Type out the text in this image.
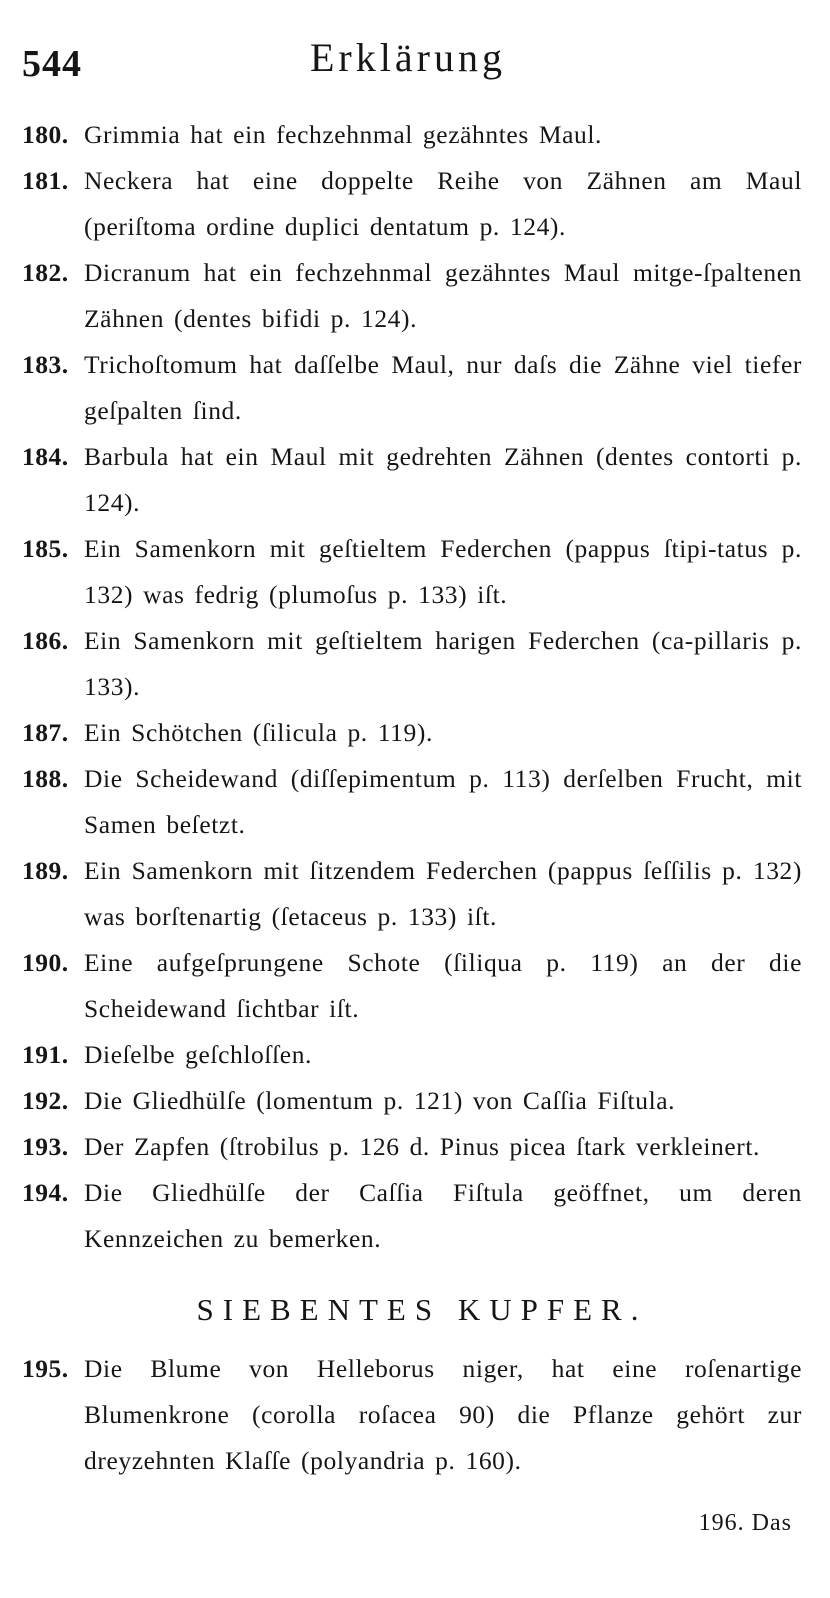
544	Erklärung
180. Grimmia hat ein fechzehnmal gezähntes Maul.
181. Neckera hat eine doppelte Reihe von Zähnen am Maul (periſtoma ordine duplici dentatum p. 124).
182. Dicranum hat ein fechzehnmal gezähntes Maul mitge-ſpaltenen Zähnen (dentes bifidi p. 124).
183. Trichoſtomum hat daſſelbe Maul, nur daſs die Zähne viel tiefer geſpalten ſind.
184. Barbula hat ein Maul mit gedrehten Zähnen (dentes contorti p. 124).
185. Ein Samenkorn mit geſtieltem Federchen (pappus ſtipi-tatus p. 132) was fedrig (plumoſus p. 133) iſt.
186. Ein Samenkorn mit geſtieltem harigen Federchen (ca-pillaris p. 133).
187. Ein Schötchen (ſilicula p. 119).
188. Die Scheidewand (diſſepimentum p. 113) derſelben Frucht, mit Samen beſetzt.
189. Ein Samenkorn mit ſitzendem Federchen (pappus ſeſſilis p. 132) was borſtenartig (ſetaceus p. 133) iſt.
190. Eine aufgeſprungene Schote (ſiliqua p. 119) an der die Scheidewand ſichtbar iſt.
191. Dieſelbe geſchloſſen.
192. Die Gliedhülſe (lomentum p. 121) von Caſſia Fiſtula.
193. Der Zapfen (ſtrobilus p. 126 d. Pinus picea ſtark verkleinert.
194. Die Gliedhülſe der Caſſia Fiſtula geöffnet, um deren Kennzeichen zu bemerken.
SIEBENTES KUPFER.
195. Die Blume von Helleborus niger, hat eine roſenartige Blumenkrone (corolla roſacea 90) die Pflanze gehört zur dreyzehnten Klaſſe (polyandria p. 160).
196. Das
